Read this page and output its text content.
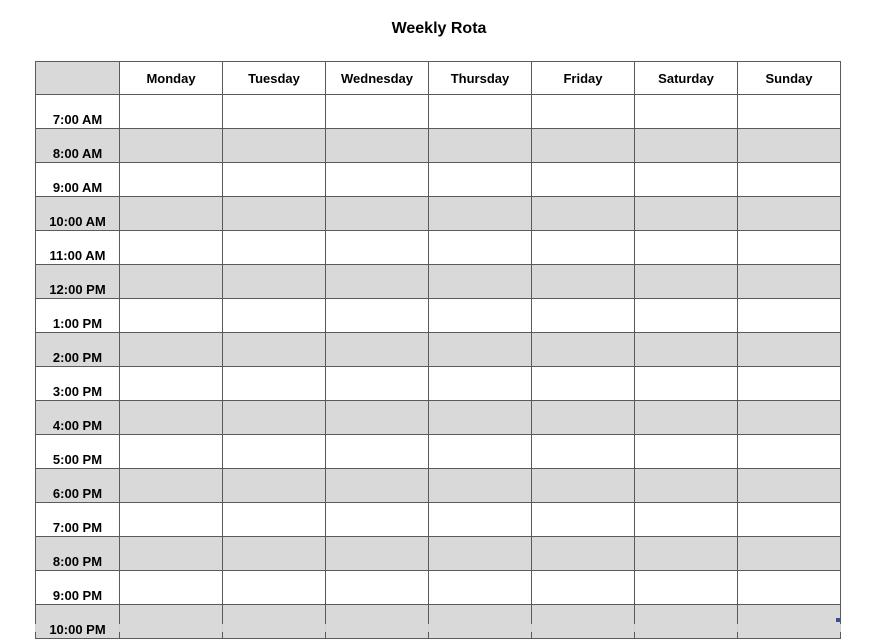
Weekly Rota
	Monday	Tuesday	Wednesday	Thursday	Friday	Saturday	Sunday
7:00 AM							
8:00 AM							
9:00 AM							
10:00 AM							
11:00 AM							
12:00 PM							
1:00 PM							
2:00 PM							
3:00 PM							
4:00 PM							
5:00 PM							
6:00 PM							
7:00 PM							
8:00 PM							
9:00 PM							
10:00 PM							
